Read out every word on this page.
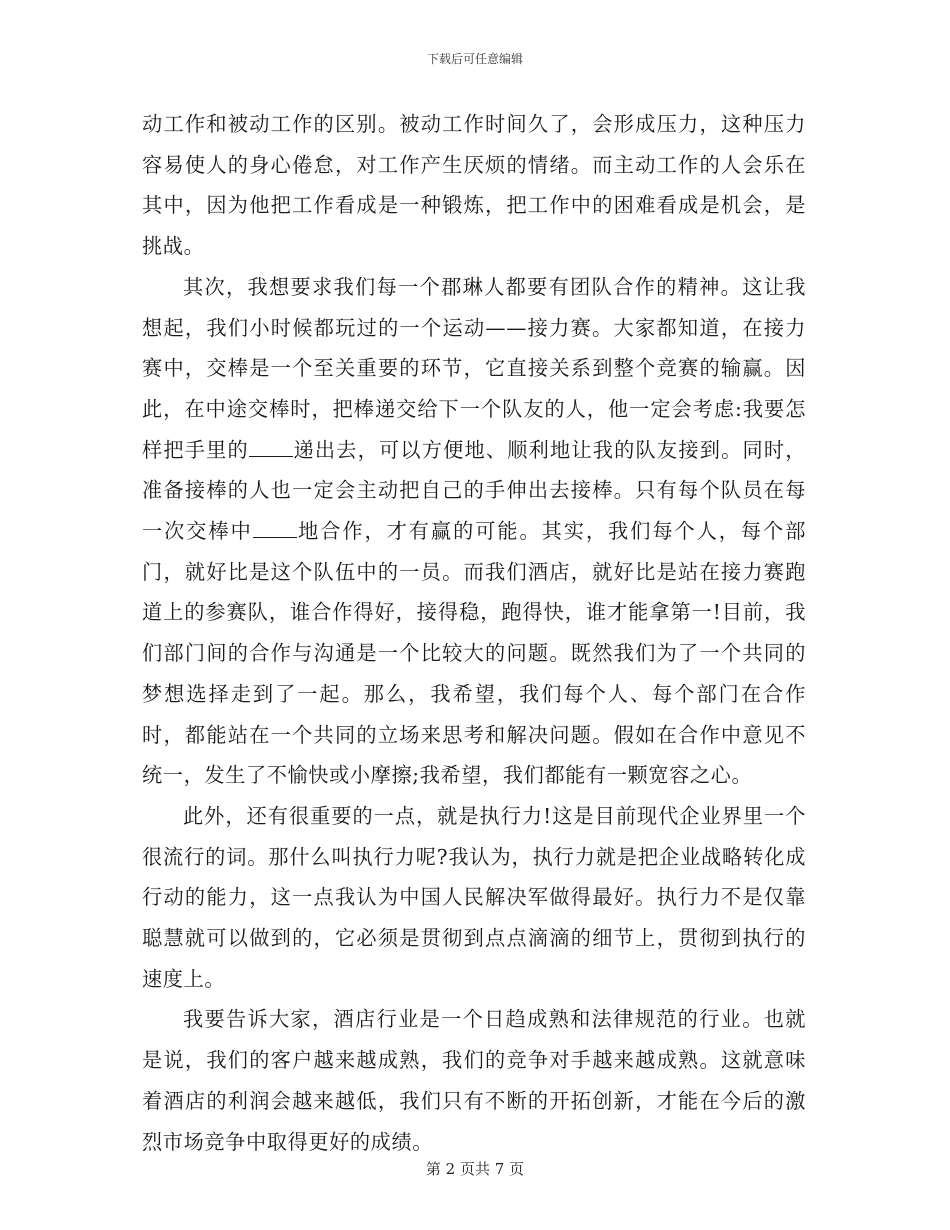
下载后可任意编辑

动工作和被动工作的区别。被动工作时间久了，会形成压力，这种压力容易使人的身心倦怠，对工作产生厌烦的情绪。而主动工作的人会乐在其中，因为他把工作看成是一种锻炼，把工作中的困难看成是机会，是挑战。

其次，我想要求我们每一个郡琳人都要有团队合作的精神。这让我想起，我们小时候都玩过的一个运动——接力赛。大家都知道，在接力赛中，交棒是一个至关重要的环节，它直接关系到整个竞赛的输赢。因此，在中途交棒时，把棒递交给下一个队友的人，他一定会考虑:我要怎样把手里的 递出去，可以方便地、顺利地让我的队友接到。同时，准备接棒的人也一定会主动把自己的手伸出去接棒。只有每个队员在每一次交棒中 地合作，才有赢的可能。其实，我们每个人，每个部门，就好比是这个队伍中的一员。而我们酒店，就好比是站在接力赛跑道上的参赛队，谁合作得好，接得稳，跑得快，谁才能拿第一!目前，我们部门间的合作与沟通是一个比较大的问题。既然我们为了一个共同的梦想选择走到了一起。那么，我希望，我们每个人、每个部门在合作时，都能站在一个共同的立场来思考和解决问题。假如在合作中意见不统一，发生了不愉快或小摩擦;我希望，我们都能有一颗宽容之心。

此外，还有很重要的一点，就是执行力!这是目前现代企业界里一个很流行的词。那什么叫执行力呢?我认为，执行力就是把企业战略转化成行动的能力，这一点我认为中国人民解决军做得最好。执行力不是仅靠聪慧就可以做到的，它必须是贯彻到点点滴滴的细节上，贯彻到执行的速度上。

我要告诉大家，酒店行业是一个日趋成熟和法律规范的行业。也就是说，我们的客户越来越成熟，我们的竞争对手越来越成熟。这就意味着酒店的利润会越来越低，我们只有不断的开拓创新，才能在今后的激烈市场竞争中取得更好的成绩。

第 2 页共 7 页
